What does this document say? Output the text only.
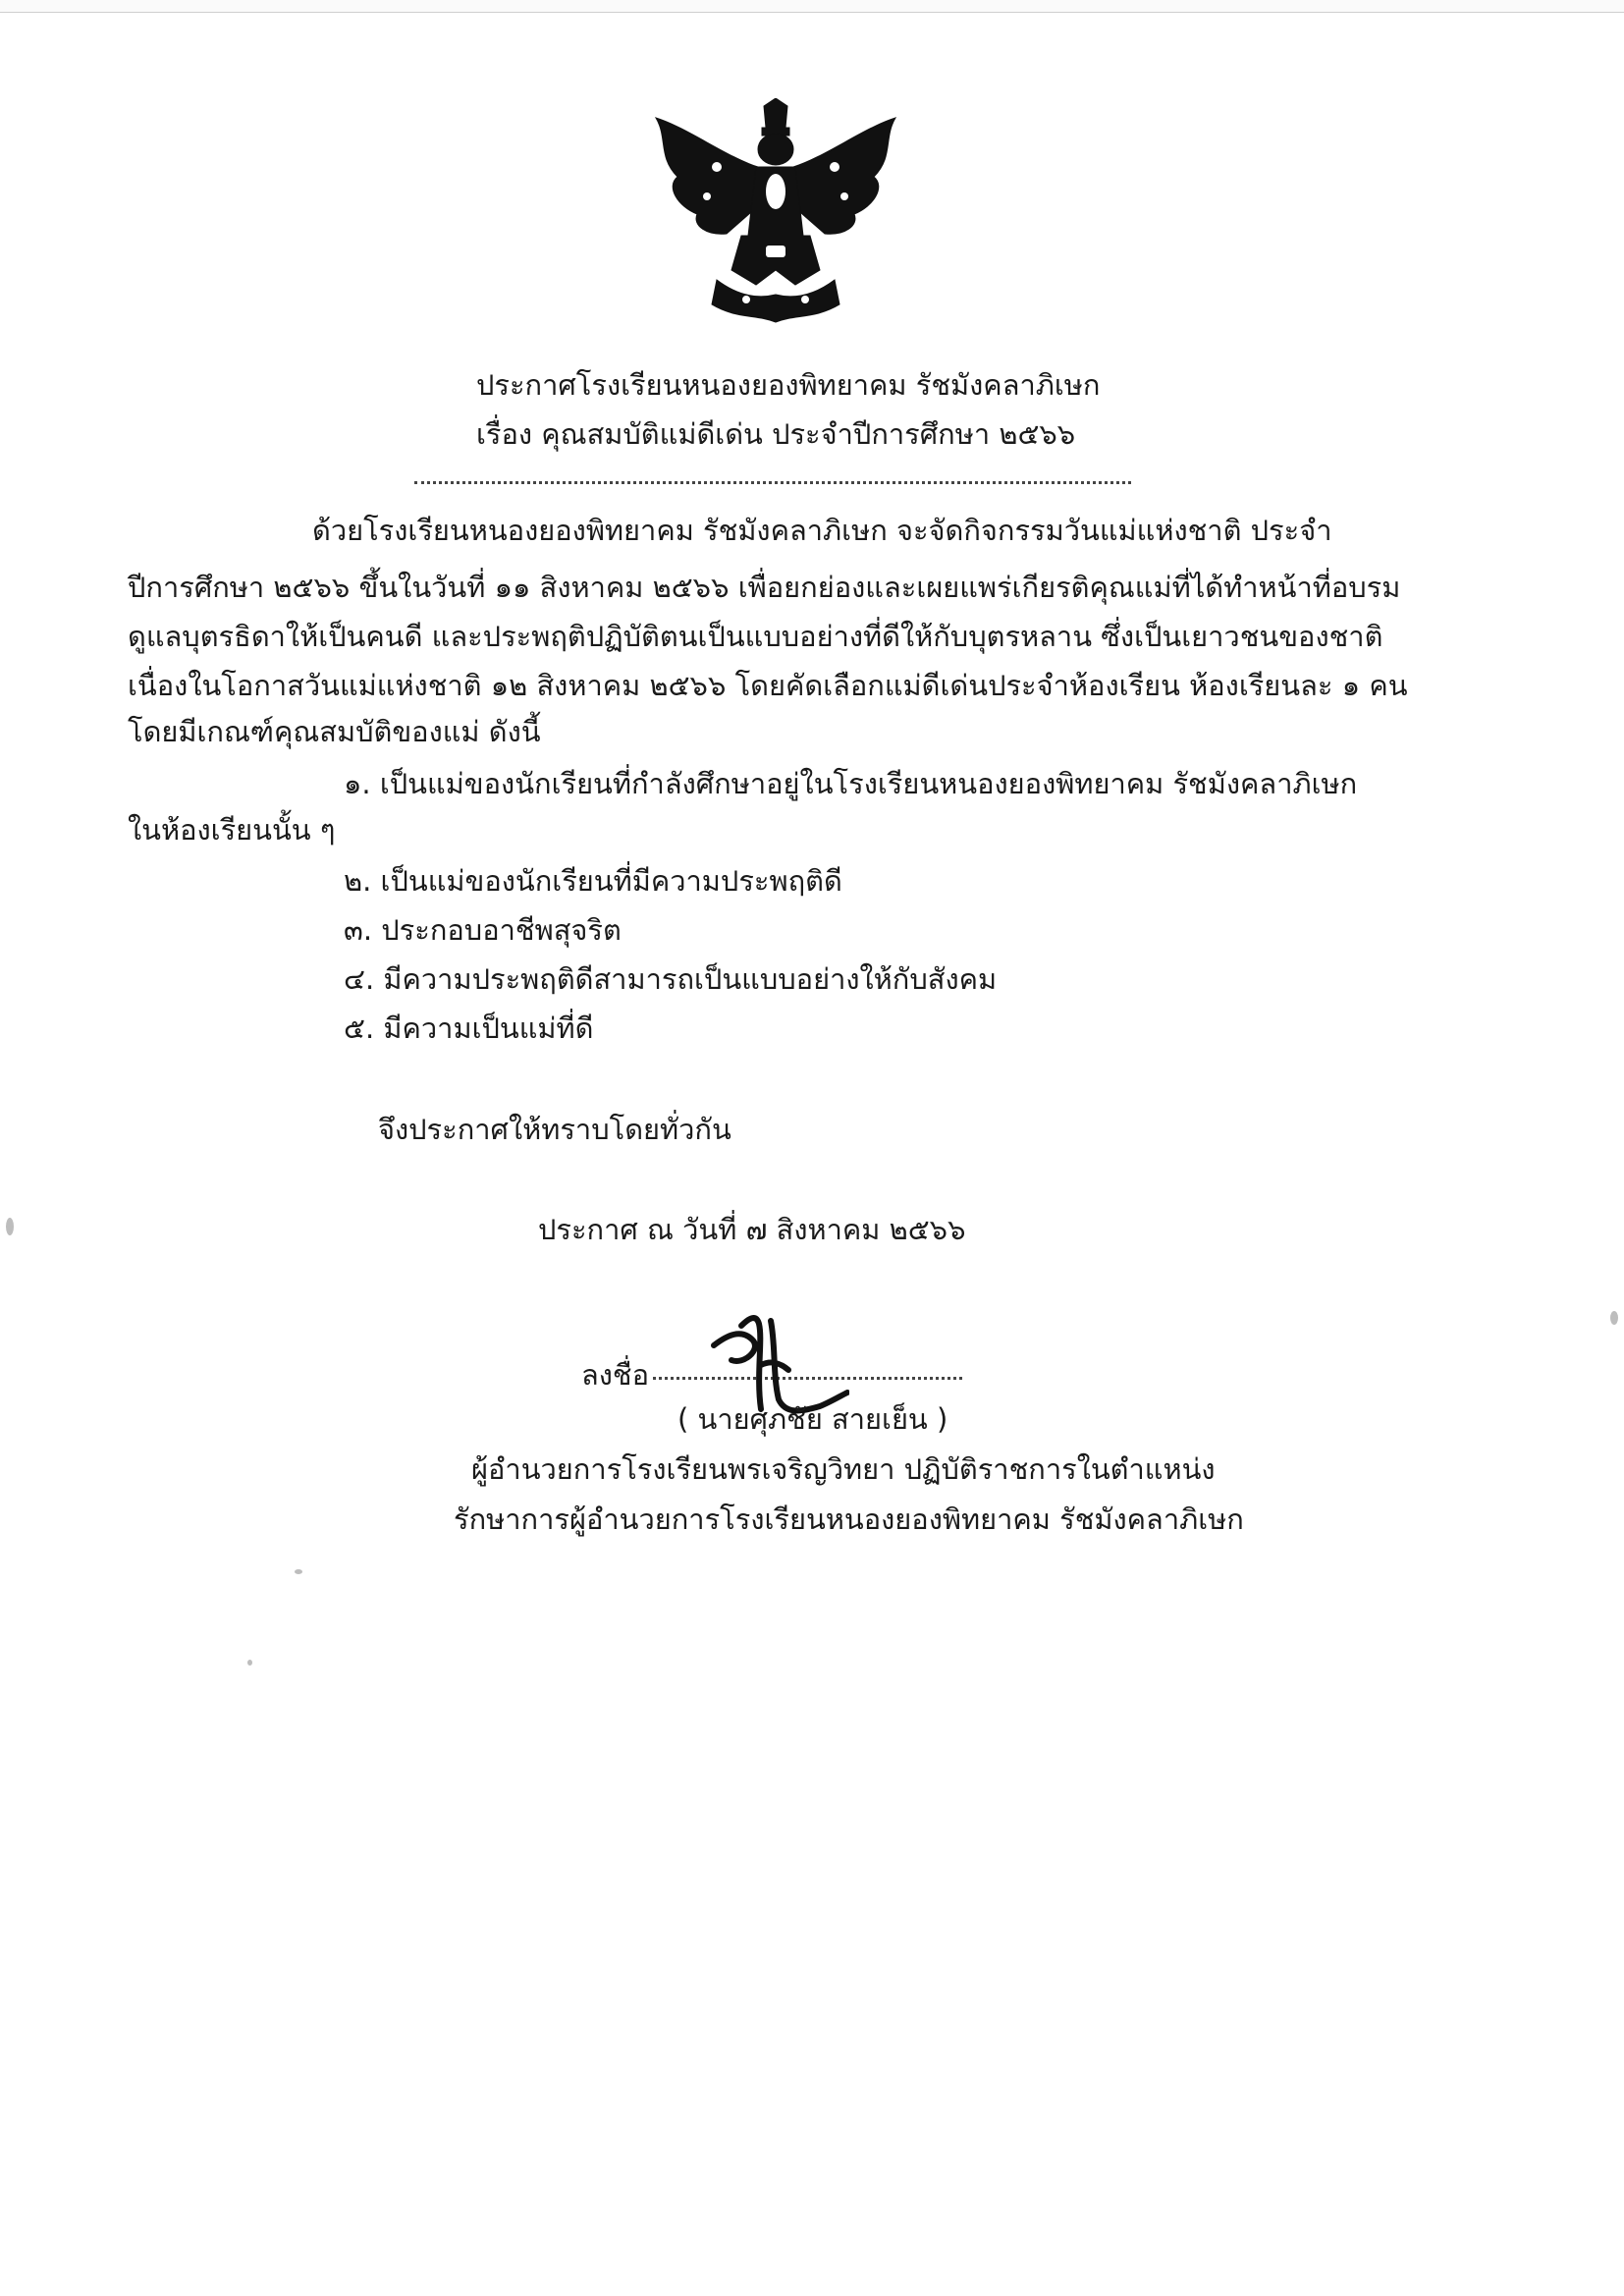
ประกาศโรงเรียนหนองยองพิทยาคม รัชมังคลาภิเษก
เรื่อง คุณสมบัติแม่ดีเด่น ประจำปีการศึกษา ๒๕๖๖
ด้วยโรงเรียนหนองยองพิทยาคม รัชมังคลาภิเษก จะจัดกิจกรรมวันแม่แห่งชาติ ประจำ
ปีการศึกษา ๒๕๖๖ ขึ้นในวันที่ ๑๑ สิงหาคม ๒๕๖๖ เพื่อยกย่องและเผยแพร่เกียรติคุณแม่ที่ได้ทำหน้าที่อบรม
ดูแลบุตรธิดาให้เป็นคนดี และประพฤติปฏิบัติตนเป็นแบบอย่างที่ดีให้กับบุตรหลาน ซึ่งเป็นเยาวชนของชาติ
เนื่องในโอกาสวันแม่แห่งชาติ ๑๒ สิงหาคม ๒๕๖๖ โดยคัดเลือกแม่ดีเด่นประจำห้องเรียน ห้องเรียนละ ๑ คน
โดยมีเกณฑ์คุณสมบัติของแม่ ดังนี้
๑. เป็นแม่ของนักเรียนที่กำลังศึกษาอยู่ในโรงเรียนหนองยองพิทยาคม รัชมังคลาภิเษก
ในห้องเรียนนั้น ๆ
๒. เป็นแม่ของนักเรียนที่มีความประพฤติดี
๓. ประกอบอาชีพสุจริต
๔. มีความประพฤติดีสามารถเป็นแบบอย่างให้กับสังคม
๕. มีความเป็นแม่ที่ดี
จึงประกาศให้ทราบโดยทั่วกัน
ประกาศ ณ วันที่ ๗ สิงหาคม ๒๕๖๖
ลงชื่อ
( นายศุภชัย สายเย็น )
ผู้อำนวยการโรงเรียนพรเจริญวิทยา ปฏิบัติราชการในตำแหน่ง
รักษาการผู้อำนวยการโรงเรียนหนองยองพิทยาคม รัชมังคลาภิเษก
